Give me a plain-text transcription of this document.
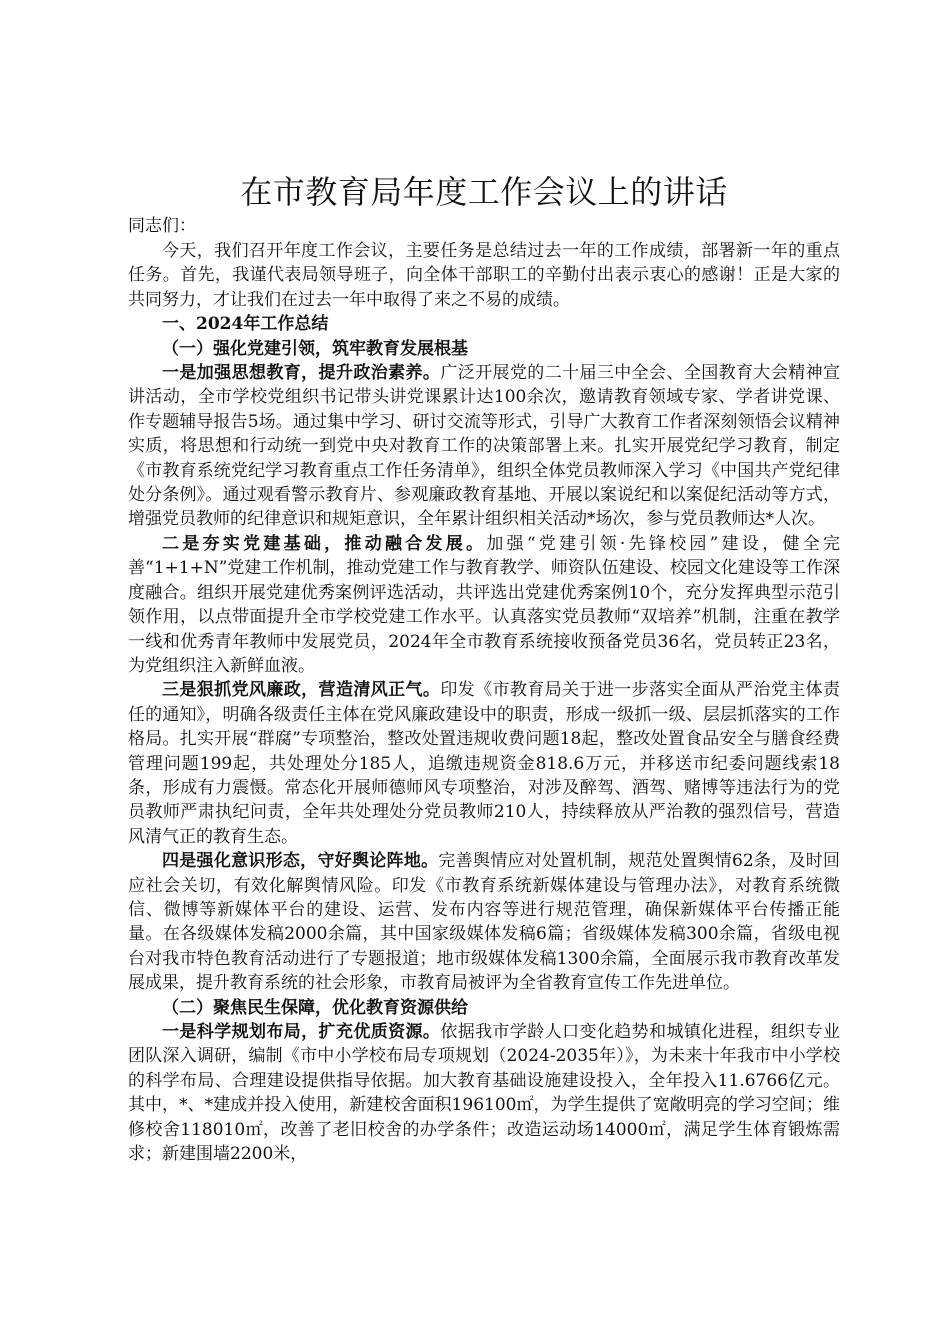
在市教育局年度工作会议上的讲话

同志们：

今天，我们召开年度工作会议，主要任务是总结过去一年的工作成绩，部署新一年的重点任务。首先，我谨代表局领导班子，向全体干部职工的辛勤付出表示衷心的感谢！正是大家的共同努力，才让我们在过去一年中取得了来之不易的成绩。

一、2024年工作总结

（一）强化党建引领，筑牢教育发展根基

一是加强思想教育，提升政治素养。广泛开展党的二十届三中全会、全国教育大会精神宣讲活动，全市学校党组织书记带头讲党课累计达100余次，邀请教育领域专家、学者讲党课、作专题辅导报告5场。通过集中学习、研讨交流等形式，引导广大教育工作者深刻领悟会议精神实质，将思想和行动统一到党中央对教育工作的决策部署上来。扎实开展党纪学习教育，制定《市教育系统党纪学习教育重点工作任务清单》，组织全体党员教师深入学习《中国共产党纪律处分条例》。通过观看警示教育片、参观廉政教育基地、开展以案说纪和以案促纪活动等方式，增强党员教师的纪律意识和规矩意识，全年累计组织相关活动*场次，参与党员教师达*人次。

二是夯实党建基础，推动融合发展。加强“党建引领·先锋校园”建设，健全完善“1+1+N”党建工作机制，推动党建工作与教育教学、师资队伍建设、校园文化建设等工作深度融合。组织开展党建优秀案例评选活动，共评选出党建优秀案例10个，充分发挥典型示范引领作用，以点带面提升全市学校党建工作水平。认真落实党员教师“双培养”机制，注重在教学一线和优秀青年教师中发展党员，2024年全市教育系统接收预备党员36名，党员转正23名，为党组织注入新鲜血液。

三是狠抓党风廉政，营造清风正气。印发《市教育局关于进一步落实全面从严治党主体责任的通知》，明确各级责任主体在党风廉政建设中的职责，形成一级抓一级、层层抓落实的工作格局。扎实开展“群腐”专项整治，整改处置违规收费问题18起，整改处置食品安全与膳食经费管理问题199起，共处理处分185人，追缴违规资金818.6万元，并移送市纪委问题线索18条，形成有力震慑。常态化开展师德师风专项整治，对涉及醉驾、酒驾、赌博等违法行为的党员教师严肃执纪问责，全年共处理处分党员教师210人，持续释放从严治教的强烈信号，营造风清气正的教育生态。

四是强化意识形态，守好舆论阵地。完善舆情应对处置机制，规范处置舆情62条，及时回应社会关切，有效化解舆情风险。印发《市教育系统新媒体建设与管理办法》，对教育系统微信、微博等新媒体平台的建设、运营、发布内容等进行规范管理，确保新媒体平台传播正能量。在各级媒体发稿2000余篇，其中国家级媒体发稿6篇；省级媒体发稿300余篇，省级电视台对我市特色教育活动进行了专题报道；地市级媒体发稿1300余篇，全面展示我市教育改革发展成果，提升教育系统的社会形象，市教育局被评为全省教育宣传工作先进单位。

（二）聚焦民生保障，优化教育资源供给

一是科学规划布局，扩充优质资源。依据我市学龄人口变化趋势和城镇化进程，组织专业团队深入调研，编制《市中小学校布局专项规划（2024-2035年）》，为未来十年我市中小学校的科学布局、合理建设提供指导依据。加大教育基础设施建设投入，全年投入11.6766亿元。其中，*、*建成并投入使用，新建校舍面积196100㎡，为学生提供了宽敞明亮的学习空间；维修校舍118010㎡，改善了老旧校舍的办学条件；改造运动场14000㎡，满足学生体育锻炼需求；新建围墙2200米，
